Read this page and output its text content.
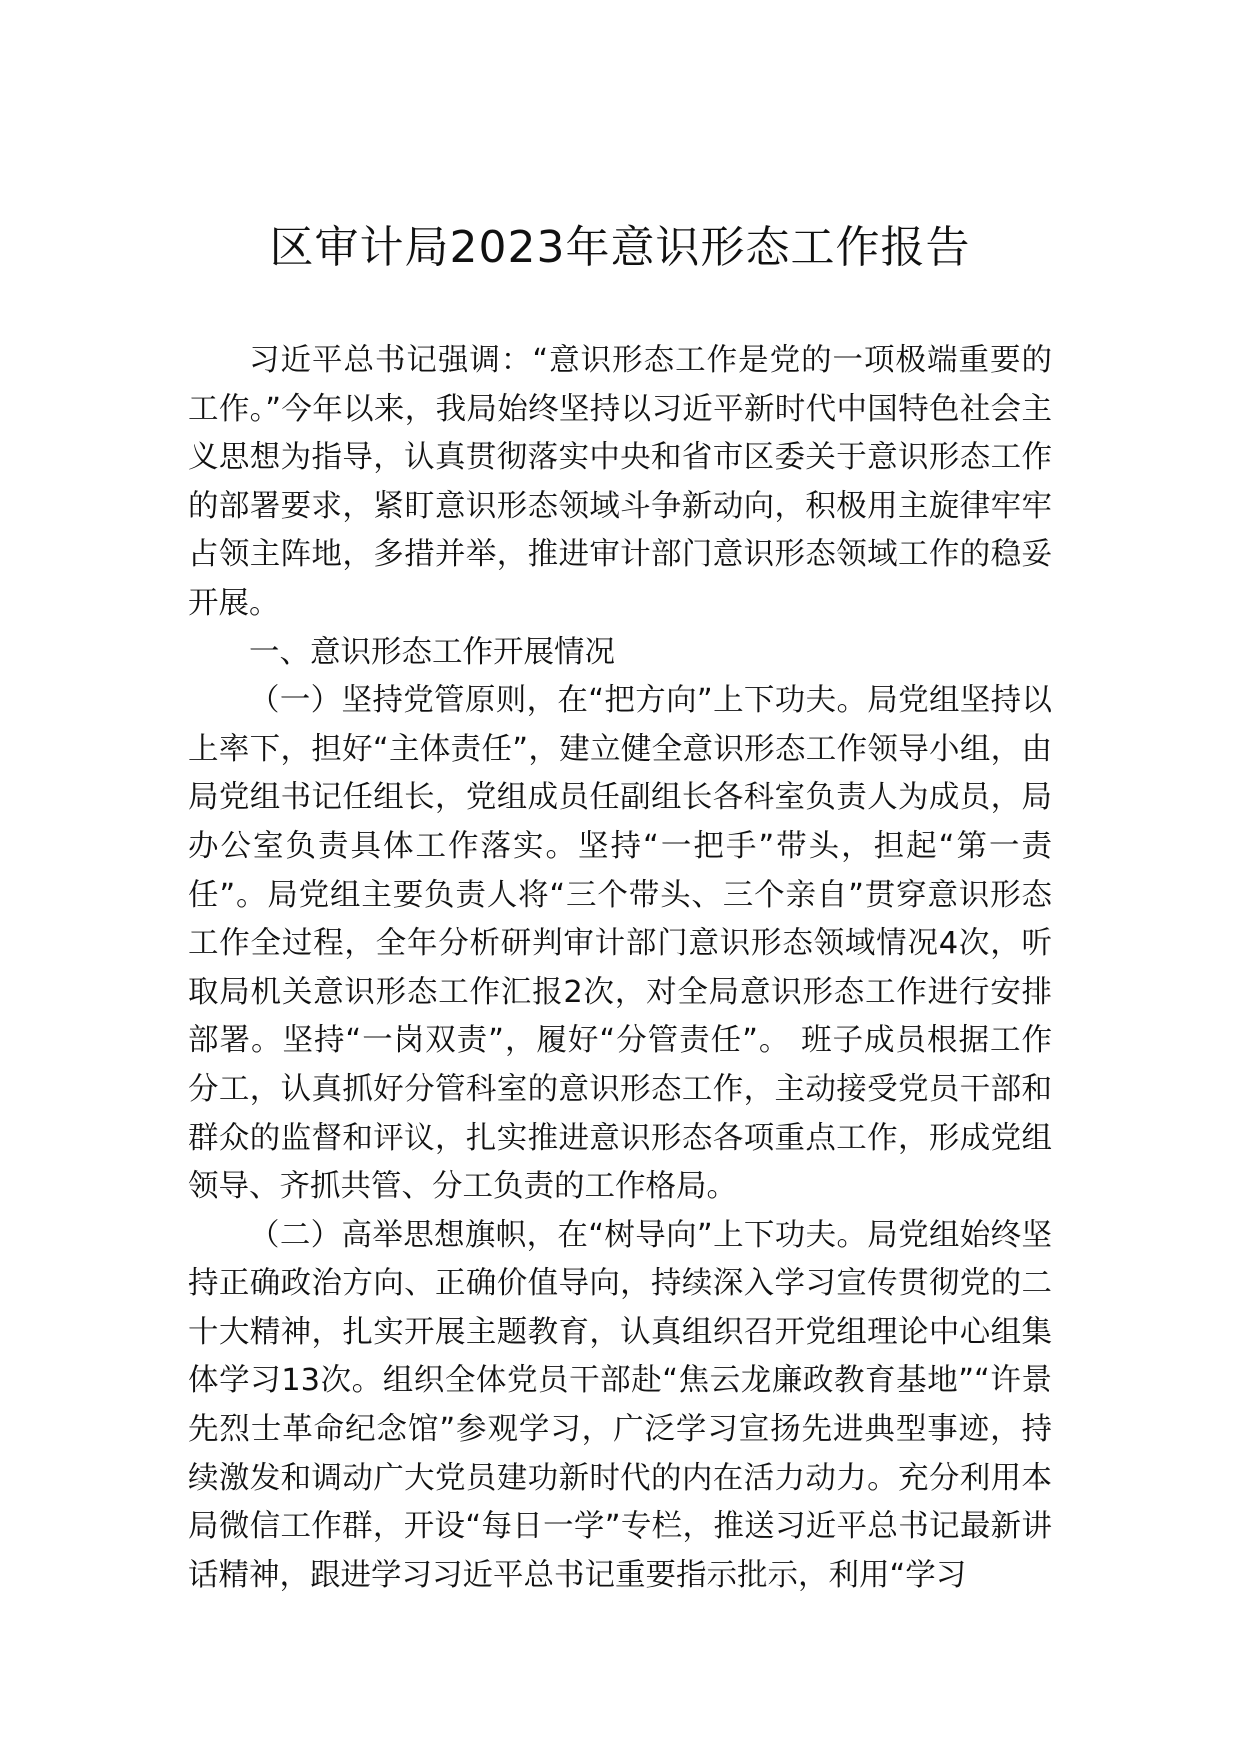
区审计局2023年意识形态工作报告

习近平总书记强调：“意识形态工作是党的一项极端重要的工作。”今年以来，我局始终坚持以习近平新时代中国特色社会主义思想为指导，认真贯彻落实中央和省市区委关于意识形态工作的部署要求，紧盯意识形态领域斗争新动向，积极用主旋律牢牢占领主阵地，多措并举，推进审计部门意识形态领域工作的稳妥开展。

一、意识形态工作开展情况

（一）坚持党管原则，在“把方向”上下功夫。局党组坚持以上率下，担好“主体责任”，建立健全意识形态工作领导小组，由局党组书记任组长，党组成员任副组长各科室负责人为成员，局办公室负责具体工作落实。坚持“一把手”带头，担起“第一责任”。局党组主要负责人将“三个带头、三个亲自”贯穿意识形态工作全过程，全年分析研判审计部门意识形态领域情况4次，听取局机关意识形态工作汇报2次，对全局意识形态工作进行安排部署。坚持“一岗双责”，履好“分管责任”。 班子成员根据工作分工，认真抓好分管科室的意识形态工作，主动接受党员干部和群众的监督和评议，扎实推进意识形态各项重点工作，形成党组领导、齐抓共管、分工负责的工作格局。

（二）高举思想旗帜，在“树导向”上下功夫。局党组始终坚持正确政治方向、正确价值导向，持续深入学习宣传贯彻党的二十大精神，扎实开展主题教育，认真组织召开党组理论中心组集体学习13次。组织全体党员干部赴“焦云龙廉政教育基地”“许景先烈士革命纪念馆”参观学习，广泛学习宣扬先进典型事迹，持续激发和调动广大党员建功新时代的内在活力动力。充分利用本局微信工作群，开设“每日一学”专栏，推送习近平总书记最新讲话精神，跟进学习习近平总书记重要指示批示，利用“学习
